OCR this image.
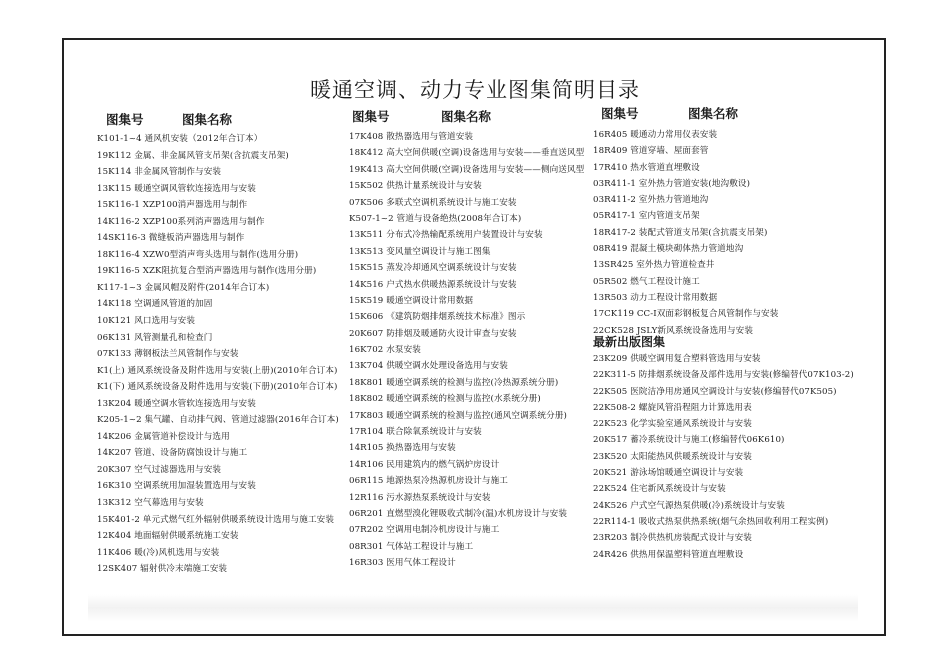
暖通空调、动力专业图集简明目录
图集号	图集名称	图集号	图集名称	图集号	图集名称
K101-1~4 通风机安装（2012年合订本）
19K112 金属、非金属风管支吊架(含抗震支吊架)
15K114 非金属风管制作与安装
13K115 暖通空调风管软连接选用与安装
15K116-1 XZP100消声器选用与制作
14K116-2 XZP100系列消声器选用与制作
14SK116-3 微缝板消声器选用与制作
18K116-4 XZW0型消声弯头选用与制作(选用分册)
19K116-5 XZK阻抗复合型消声器选用与制作(选用分册)
K117-1~3 金属风帽及附件(2014年合订本)
14K118 空调通风管道的加固
10K121 风口选用与安装
06K131 风管测量孔和检查门
07K133 薄钢板法兰风管制作与安装
K1(上) 通风系统设备及附件选用与安装(上册)(2010年合订本)
K1(下) 通风系统设备及附件选用与安装(下册)(2010年合订本)
13K204 暖通空调水管软连接选用与安装
K205-1~2 集气罐、自动排气阀、管道过滤器(2016年合订本)
14K206 金属管道补偿设计与选用
14K207 管道、设备防腐蚀设计与施工
20K307 空气过滤器选用与安装
16K310 空调系统用加湿装置选用与安装
13K312 空气幕选用与安装
15K401-2 单元式燃气红外辐射供暖系统设计选用与施工安装
12K404 地面辐射供暖系统施工安装
11K406 暖(冷)风机选用与安装
12SK407 辐射供冷末端施工安装
17K408 散热器选用与管道安装
18K412 高大空间供暖(空调)设备选用与安装——垂直送风型
19K413 高大空间供暖(空调)设备选用与安装——侧向送风型
15K502 供热计量系统设计与安装
07K506 多联式空调机系统设计与施工安装
K507-1~2 管道与设备绝热(2008年合订本)
13K511 分布式冷热输配系统用户装置设计与安装
13K513 变风量空调设计与施工图集
15K515 蒸发冷却通风空调系统设计与安装
14K516 户式热水供暖热源系统设计与安装
15K519 暖通空调设计常用数据
15K606 《建筑防烟排烟系统技术标准》图示
20K607 防排烟及暖通防火设计审查与安装
16K702 水泵安装
13K704 供暖空调水处理设备选用与安装
18K801 暖通空调系统的检测与监控(冷热源系统分册)
18K802 暖通空调系统的检测与监控(水系统分册)
17K803 暖通空调系统的检测与监控(通风空调系统分册)
17R104 联合除氧系统设计与安装
14R105 换热器选用与安装
14R106 民用建筑内的燃气锅炉房设计
06R115 地源热泵冷热源机房设计与施工
12R116 污水源热泵系统设计与安装
06R201 直燃型溴化锂吸收式制冷(温)水机房设计与安装
07R202 空调用电制冷机房设计与施工
08R301 气体站工程设计与施工
16R303 医用气体工程设计
16R405 暖通动力常用仪表安装
18R409 管道穿墙、屋面套管
17R410 热水管道直埋敷设
03R411-1 室外热力管道安装(地沟敷设)
03R411-2 室外热力管道地沟
05R417-1 室内管道支吊架
18R417-2 装配式管道支吊架(含抗震支吊架)
08R419 混凝土模块砌体热力管道地沟
13SR425 室外热力管道检查井
05R502 燃气工程设计施工
13R503 动力工程设计常用数据
17CK119 CC-Ⅰ双面彩钢板复合风管制作与安装
22CK528 JSLY新风系统设备选用与安装
最新出版图集
23K209 供暖空调用复合塑料管选用与安装
22K311-5 防排烟系统设备及部件选用与安装(修编替代07K103-2)
22K505 医院洁净用房通风空调设计与安装(修编替代07K505)
22K508-2 螺旋风管沿程阻力计算选用表
22K523 化学实验室通风系统设计与安装
20K517 蓄冷系统设计与施工(修编替代06K610)
23K520 太阳能热风供暖系统设计与安装
20K521 游泳场馆暖通空调设计与安装
22K524 住宅新风系统设计与安装
24K526 户式空气源热泵供暖(冷)系统设计与安装
22R114-1 吸收式热泵供热系统(烟气余热回收利用工程实例)
23R203 制冷供热机房装配式设计与安装
24R426 供热用保温塑料管道直埋敷设
